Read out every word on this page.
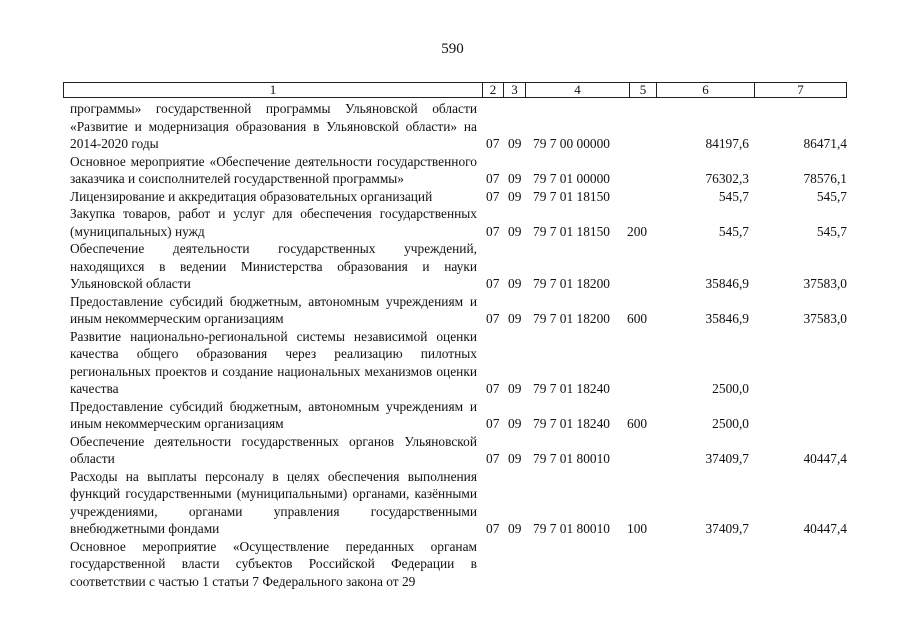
590
1	2	3	4	5	6	7
программы» государственной программы Ульяновской области «Развитие и модернизация образования в Ульяновской области» на 2014-2020 годы	07 09 79 7 00 00000	84197,6	86471,4
Основное мероприятие «Обеспечение деятельности государственного заказчика и соисполнителей государственной программы»	07 09 79 7 01 00000	76302,3	78576,1
Лицензирование и аккредитация образовательных организаций	07 09 79 7 01 18150	545,7	545,7
Закупка товаров, работ и услуг для обеспечения государственных (муниципальных) нужд	07 09 79 7 01 18150 200	545,7	545,7
Обеспечение деятельности государственных учреждений, находящихся в ведении Министерства образования и науки Ульяновской области	07 09 79 7 01 18200	35846,9	37583,0
Предоставление субсидий бюджетным, автономным учреждениям и иным некоммерческим организациям	07 09 79 7 01 18200 600	35846,9	37583,0
Развитие национально-региональной системы независимой оценки качества общего образования через реализацию пилотных региональных проектов и создание национальных механизмов оценки качества	07 09 79 7 01 18240	2500,0
Предоставление субсидий бюджетным, автономным учреждениям и иным некоммерческим организациям	07 09 79 7 01 18240 600	2500,0
Обеспечение деятельности государственных органов Ульяновской области	07 09 79 7 01 80010	37409,7	40447,4
Расходы на выплаты персоналу в целях обеспечения выполнения функций государственными (муниципальными) органами, казёнными учреждениями, органами управления государственными внебюджетными фондами	07 09 79 7 01 80010 100	37409,7	40447,4
Основное мероприятие «Осуществление переданных органам государственной власти субъектов Российской Федерации в соответствии с частью 1 статьи 7 Федерального закона от 29
